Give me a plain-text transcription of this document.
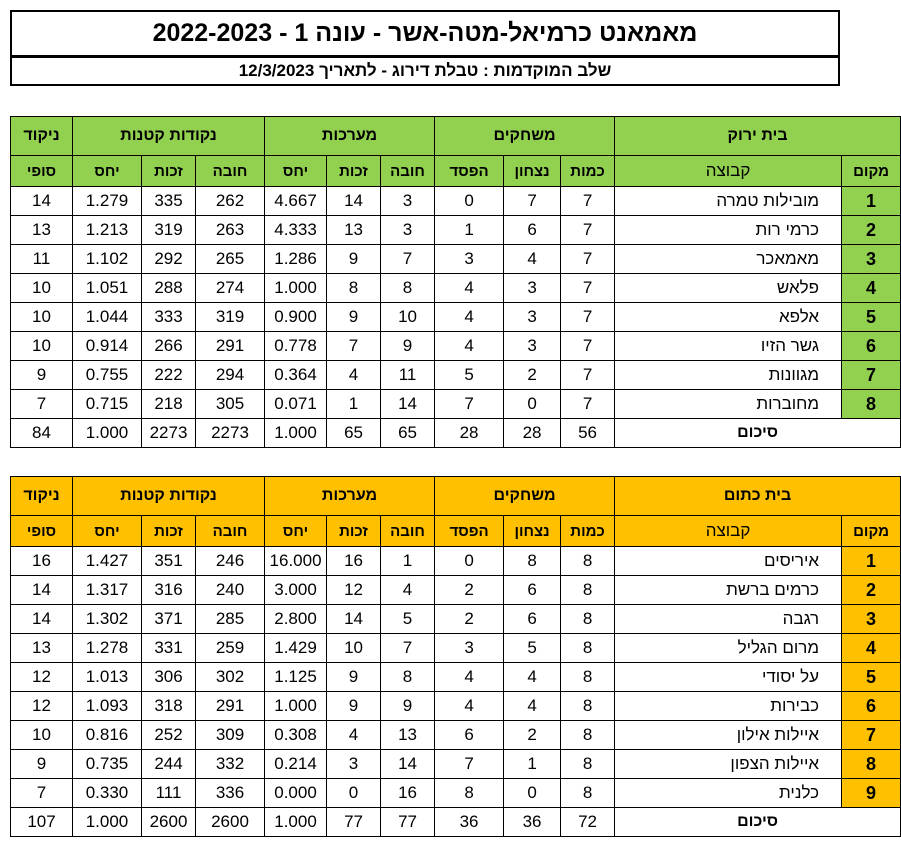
מאמאנט כרמיאל-מטה-אשר - עונה 1 - 2022-2023
שלב המוקדמות : טבלת דירוג - לתאריך 12/3/2023
ניקוד	נקודות קטנות			מערכות			משחקים			בית ירוק	
סופי	יחס	זכות	חובה	יחס	זכות	חובה	הפסד	נצחון	כמות	קבוצה	מקום
14	1.279	335	262	4.667	14	3	0	7	7	מובילות טמרה	1
13	1.213	319	263	4.333	13	3	1	6	7	כרמי רות	2
11	1.102	292	265	1.286	9	7	3	4	7	מאמאכר	3
10	1.051	288	274	1.000	8	8	4	3	7	פלאש	4
10	1.044	333	319	0.900	9	10	4	3	7	אלפא	5
10	0.914	266	291	0.778	7	9	4	3	7	גשר הזיו	6
9	0.755	222	294	0.364	4	11	5	2	7	מגוונות	7
7	0.715	218	305	0.071	1	14	7	0	7	מחוברות	8
84	1.000	2273	2273	1.000	65	65	28	28	56	סיכום	
ניקוד	נקודות קטנות			מערכות			משחקים			בית כתום	
סופי	יחס	זכות	חובה	יחס	זכות	חובה	הפסד	נצחון	כמות	קבוצה	מקום
16	1.427	351	246	16.000	16	1	0	8	8	איריסים	1
14	1.317	316	240	3.000	12	4	2	6	8	כרמים ברשת	2
14	1.302	371	285	2.800	14	5	2	6	8	רגבה	3
13	1.278	331	259	1.429	10	7	3	5	8	מרום הגליל	4
12	1.013	306	302	1.125	9	8	4	4	8	על יסודי	5
12	1.093	318	291	1.000	9	9	4	4	8	כבירות	6
10	0.816	252	309	0.308	4	13	6	2	8	איילות אילון	7
9	0.735	244	332	0.214	3	14	7	1	8	איילות הצפון	8
7	0.330	111	336	0.000	0	16	8	0	8	כלנית	9
107	1.000	2600	2600	1.000	77	77	36	36	72	סיכום	
